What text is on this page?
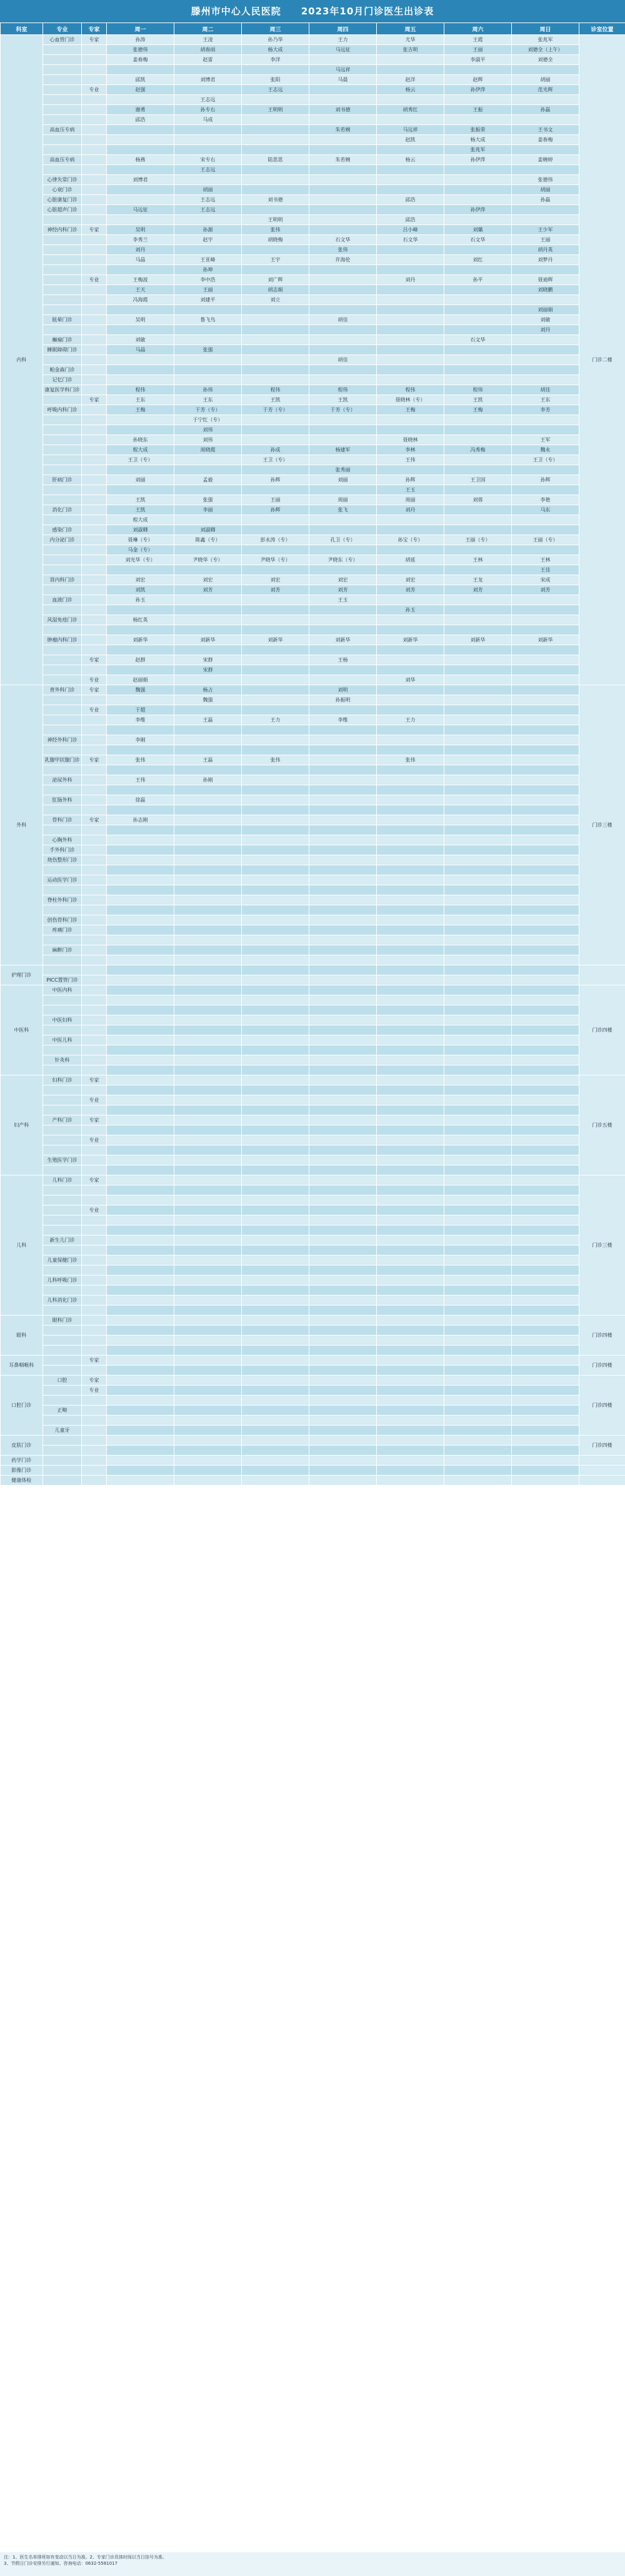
滕州市中心人民医院　　2023年10月门诊医生出诊表
科室	专业	专家	周一	周二	周三	周四	周五	周六	周日	诊室位置
内科	心血管门诊	专家	孙涛	王凌	孙乃华	王力	尤华	王霞	张兆军	门诊二楼
			张德伟	胡春雨	杨大成	马远征	张吉明	王丽	刘德全（上午）	
			姜春梅	赵雷	李洋			李淑平	刘德全	
						马远祥				
			邱凯	刘博君	张阳	马晨	赵洋	赵辉	胡丽	
		专业	赵强		王志远		杨云	孙伊萍	范光辉	
				王志远						
			谢勇	孙专右	王明明	刘书德	胡秀红	王振	孙磊	
			邱浩	马成						
	高血压专病					朱若婉	马远祥	张振荣	王书文	
							赵凯	杨大成	姜春梅	
								张兆军		
	高血压专病		杨燕	宋专右	陆思思	朱若婉	杨云	孙伊萍	姜婉婷	
				王志远						
	心律失常门诊		刘博君						张德伟	
	心衰门诊			胡丽					胡丽	
	心脏康复门诊			王志远	刘书德		邱浩		孙磊	
	心脏超声门诊		马远征	王志远				孙伊萍		
					王明明		邱浩			
	神经内科门诊	专家	吴明	孙源	张伟		吕小峰	刘璐	王少军	
			李秀兰	赵宇	胡晓梅	石文华	石文华	石文华	王丽	
			刘丹			张伟			胡丹英	
			马晶	王亚峰	王宇	许海伦		刘红	刘梦丹	
				孙坤						
		专业	王梅波	李中浩	刘广辉		刘丹	孙平	聂迪辉	
			王天	王丽	胡志娟				刘晓鹏	
			冯海霞	刘建平	刘立					
									刘丽娟	
	眩晕门诊		吴明	鲁飞鸟		胡佳			刘敏	
									刘丹	
	癫痫门诊		刘敏					石文华		
	睡眠障碍门诊		马晶	张强						
						胡佳				
	帕金森门诊									
	记忆门诊									
	康复医学科门诊		程伟	孙伟	程伟	程伟	程伟	程伟	胡佳	
		专家	王东	王东	王凯	王凯	聂晓林（专）	王凯	王东	
	呼吸内科门诊		王梅	于芳（专）	于芳（专）	于芳（专）	王梅	王梅	李芳	
				于宁红（专）						
				刘伟						
			孙晓东	刘伟			聂晓林		王军	
			程大成	周晓霞	孙成	杨建军	李林	冯秀梅	魏永	
			王卫（专）		王卫（专）		王伟		王卫（专）	
						张秀丽				
	肝病门诊		刘丽	孟毅	孙辉	刘丽	孙辉	王卫国	孙辉	
							王玉			
			王凯	张强	王丽	周丽	周丽	刘蓉	李艳	
	消化门诊		王凯	李丽	孙辉	张飞	刘丹		马东	
			程大成							
	感染门诊		刘淑卿	刘淑卿						
	内分泌门诊		聂琳（专）	陈鑫（专）	彭永涛（专）	孔卫（专）	孙宝（专）	王丽（专）	王丽（专）	
			马金（专）							
			刘光华（专）	尹晓华（专）	尹晓华（专）	尹晓东（专）	胡延	王林	王林	
									王佳	
	肾内科门诊		刘宏	刘宏	刘宏	刘宏	刘宏	王龙	宋成	
			刘凯	刘芳	刘芳	刘芳	刘芳	刘芳	刘芳	
	血液门诊		孙玉			王玉				
							孙玉			
	风湿免疫门诊		杨红英							

	肿瘤内科门诊		刘新华	刘新华	刘新华	刘新华	刘新华	刘新华	刘新华	

		专家	赵群	宋群		王杨				
				宋群						
		专业	赵丽娟				刘华			
外科	普外科门诊	专家	魏强	杨占		刘明				门诊三楼
				魏强		孙振明				
		专业	于超							
			李维	王磊	王力	李维	王力			

	神经外科门诊		李刚							

	乳腺甲状腺门诊	专家	张伟	王磊	张伟		张伟			

	泌尿外科		王伟	孙刚						

	肛肠外科		徐磊							

	骨科门诊	专家	孙志刚							

	心胸外科									
	手外科门诊									
	烧伤整形门诊									

	运动医学门诊									

	脊柱外科门诊									

	创伤骨科门诊									
	疼痛门诊									

	麻醉门诊									

护理门诊										
	PICC置管门诊									
中医科	中医内科									门诊四楼

	中医妇科									

	中医儿科									

	针灸科									

妇产科	妇科门诊	专家								门诊五楼

		专业								

	产科门诊	专家								

		专业								

	生殖医学门诊									

儿科	儿科门诊	专家								门诊三楼

		专业								

	新生儿门诊									

	儿童保健门诊									

	儿科呼吸门诊									

	儿科消化门诊									

眼科	眼科门诊									门诊四楼

耳鼻咽喉科		专家								门诊四楼

口腔门诊	口腔	专家								门诊四楼
		专业								

	正畸									

	儿童牙									
皮肤门诊										门诊四楼

药学门诊										
影像门诊										
健康体检										
注：1、医生名单排班如有变动以当日为准。2、专家门诊具体时间以当日挂号为准。
3、节假日门诊安排另行通知。咨询电话：0632-5581017
